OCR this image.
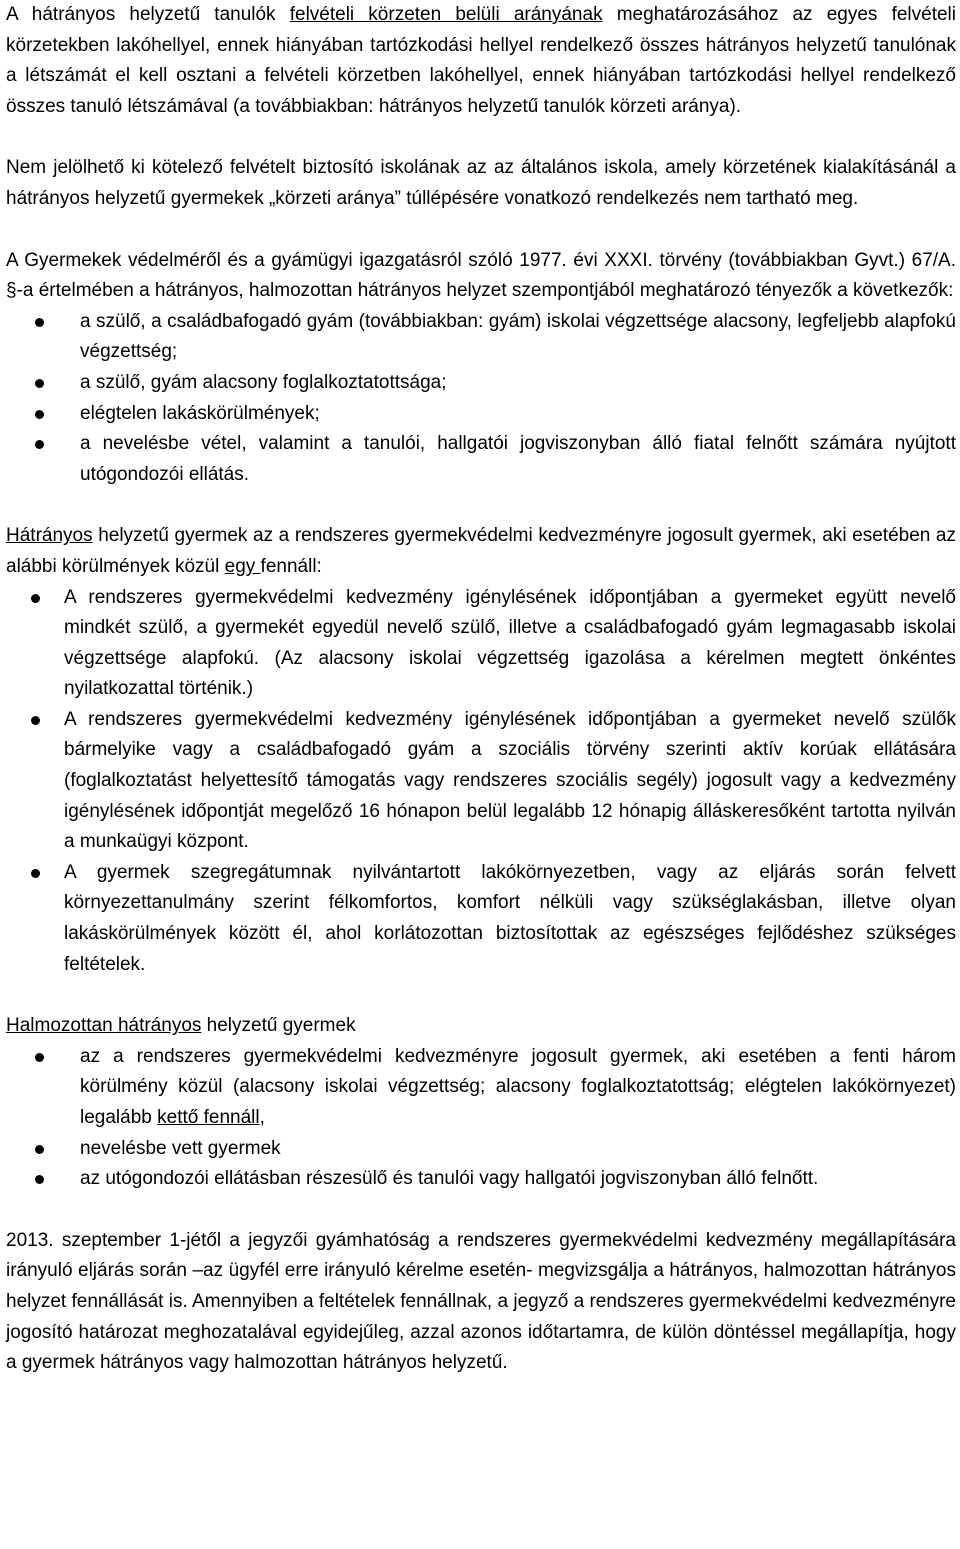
A hátrányos helyzetű tanulók felvételi körzeten belüli arányának meghatározásához az egyes felvételi körzetekben lakóhellyel, ennek hiányában tartózkodási hellyel rendelkező összes hátrányos helyzetű tanulónak a létszámát el kell osztani a felvételi körzetben lakóhellyel, ennek hiányában tartózkodási hellyel rendelkező összes tanuló létszámával (a továbbiakban: hátrányos helyzetű tanulók körzeti aránya).

Nem jelölhető ki kötelező felvételt biztosító iskolának az az általános iskola, amely körzetének kialakításánál a hátrányos helyzetű gyermekek „körzeti aránya” túllépésére vonatkozó rendelkezés nem tartható meg.

A Gyermekek védelméről és a gyámügyi igazgatásról szóló 1977. évi XXXI. törvény (továbbiakban Gyvt.) 67/A. §-a értelmében a hátrányos, halmozottan hátrányos helyzet szempontjából meghatározó tényezők a következők:

a szülő, a családbafogadó gyám (továbbiakban: gyám) iskolai végzettsége alacsony, legfeljebb alapfokú végzettség;
a szülő, gyám alacsony foglalkoztatottsága;
elégtelen lakáskörülmények;
a nevelésbe vétel, valamint a tanulói, hallgatói jogviszonyban álló fiatal felnőtt számára nyújtott utógondozói ellátás.

Hátrányos helyzetű gyermek az a rendszeres gyermekvédelmi kedvezményre jogosult gyermek, aki esetében az alábbi körülmények közül egy fennáll:

A rendszeres gyermekvédelmi kedvezmény igénylésének időpontjában a gyermeket együtt nevelő mindkét szülő, a gyermekét egyedül nevelő szülő, illetve a családbafogadó gyám legmagasabb iskolai végzettsége alapfokú. (Az alacsony iskolai végzettség igazolása a kérelmen megtett önkéntes nyilatkozattal történik.)
A rendszeres gyermekvédelmi kedvezmény igénylésének időpontjában a gyermeket nevelő szülők bármelyike vagy a családbafogadó gyám a szociális törvény szerinti aktív korúak ellátására (foglalkoztatást helyettesítő támogatás vagy rendszeres szociális segély) jogosult vagy a kedvezmény igénylésének időpontját megelőző 16 hónapon belül legalább 12 hónapig álláskeresőként tartotta nyilván a munkaügyi központ.
A gyermek szegregátumnak nyilvántartott lakókörnyezetben, vagy az eljárás során felvett környezettanulmány szerint félkomfortos, komfort nélküli vagy szükséglakásban, illetve olyan lakáskörülmények között él, ahol korlátozottan biztosítottak az egészséges fejlődéshez szükséges feltételek.

Halmozottan hátrányos helyzetű gyermek

az a rendszeres gyermekvédelmi kedvezményre jogosult gyermek, aki esetében a fenti három körülmény közül (alacsony iskolai végzettség; alacsony foglalkoztatottság; elégtelen lakókörnyezet) legalább kettő fennáll,
nevelésbe vett gyermek
az utógondozói ellátásban részesülő és tanulói vagy hallgatói jogviszonyban álló felnőtt.

2013. szeptember 1-jétől a jegyzői gyámhatóság a rendszeres gyermekvédelmi kedvezmény megállapítására irányuló eljárás során –az ügyfél erre irányuló kérelme esetén- megvizsgálja a hátrányos, halmozottan hátrányos helyzet fennállását is. Amennyiben a feltételek fennállnak, a jegyző a rendszeres gyermekvédelmi kedvezményre jogosító határozat meghozatalával egyidejűleg, azzal azonos időtartamra, de külön döntéssel megállapítja, hogy a gyermek hátrányos vagy halmozottan hátrányos helyzetű.
